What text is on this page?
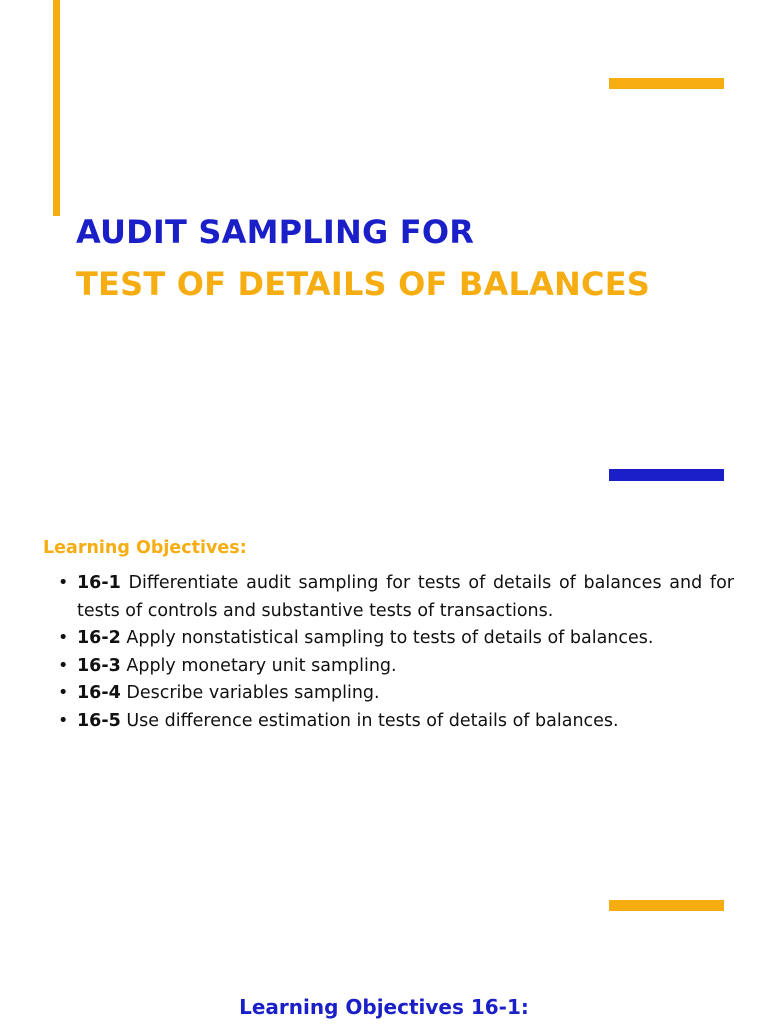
AUDIT SAMPLING FOR
TEST OF DETAILS OF BALANCES
Learning Objectives:
• 16-1 Differentiate audit sampling for tests of details of balances and for tests of controls and substantive tests of transactions.
• 16-2 Apply nonstatistical sampling to tests of details of balances.
• 16-3 Apply monetary unit sampling.
• 16-4 Describe variables sampling.
• 16-5 Use difference estimation in tests of details of balances.
Learning Objectives 16-1:
